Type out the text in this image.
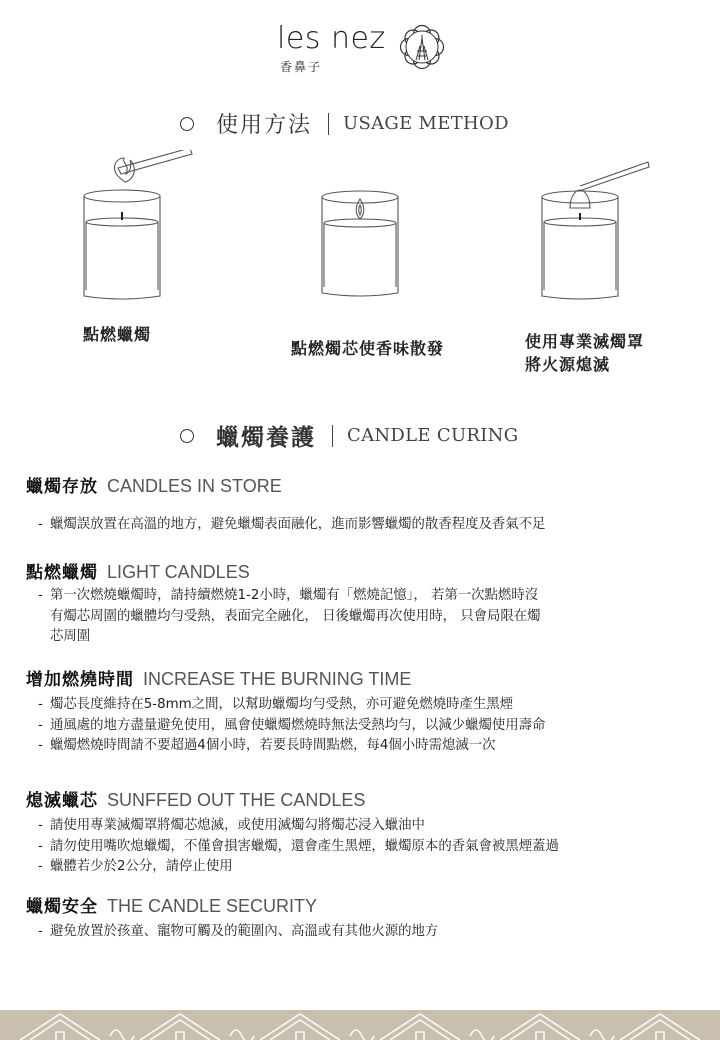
les nez
香鼻子
使用方法 USAGE METHOD
點燃蠟燭
點燃燭芯使香味散發	使用專業滅燭罩
將火源熄滅
蠟燭養護 CANDLE CURING
蠟燭存放 CANDLES IN STORE
- 蠟燭誤放置在高溫的地方，避免蠟燭表面融化，進而影響蠟燭的散香程度及香氣不足
點燃蠟燭 LIGHT CANDLES
- 第一次燃燒蠟燭時，請持續燃燒1-2小時，蠟燭有「燃燒記憶」， 若第一次點燃時沒
有燭芯周圍的蠟體均勻受熱，表面完全融化， 日後蠟燭再次使用時， 只會局限在燭
芯周圍
增加燃燒時間 INCREASE THE BURNING TIME
- 燭芯長度維持在5-8mm之間，以幫助蠟燭均勻受熱，亦可避免燃燒時產生黑煙
- 通風處的地方盡量避免使用，風會使蠟燭燃燒時無法受熱均勻，以減少蠟燭使用壽命
- 蠟燭燃燒時間請不要超過4個小時，若要長時間點燃，每4個小時需熄滅一次
熄滅蠟芯 SUNFFED OUT THE CANDLES
- 請使用專業滅燭罩將燭芯熄滅，或使用滅燭勾將燭芯浸入蠟油中
- 請勿使用嘴吹熄蠟燭，不僅會損害蠟燭，還會產生黑煙，蠟燭原本的香氣會被黑煙蓋過
- 蠟體若少於2公分，請停止使用
蠟燭安全 THE CANDLE SECURITY
- 避免放置於孩童、寵物可觸及的範圍內、高溫或有其他火源的地方
